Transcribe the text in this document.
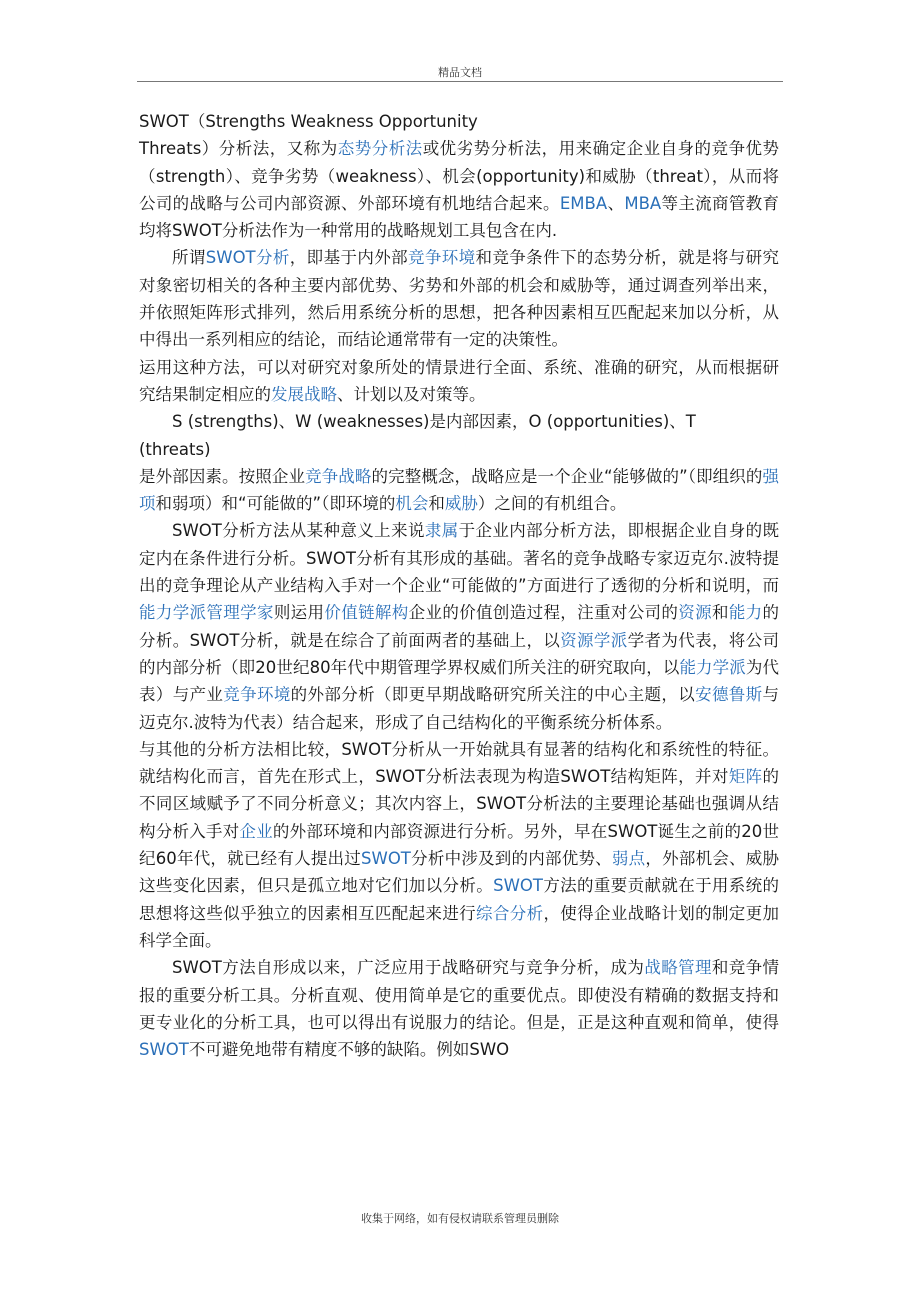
精品文档

SWOT（Strengths Weakness Opportunity
Threats）分析法，又称为态势分析法或优劣势分析法，用来确定企业自身的竞争优势（strength）、竞争劣势（weakness）、机会(opportunity)和威胁（threat），从而将公司的战略与公司内部资源、外部环境有机地结合起来。EMBA、MBA等主流商管教育均将SWOT分析法作为一种常用的战略规划工具包含在内.

所谓SWOT分析，即基于内外部竞争环境和竞争条件下的态势分析，就是将与研究对象密切相关的各种主要内部优势、劣势和外部的机会和威胁等，通过调查列举出来，并依照矩阵形式排列，然后用系统分析的思想，把各种因素相互匹配起来加以分析，从中得出一系列相应的结论，而结论通常带有一定的决策性。

运用这种方法，可以对研究对象所处的情景进行全面、系统、准确的研究，从而根据研究结果制定相应的发展战略、计划以及对策等。

S (strengths)、W (weaknesses)是内部因素，O (opportunities)、T
(threats)
是外部因素。按照企业竞争战略的完整概念，战略应是一个企业“能够做的”（即组织的强项和弱项）和“可能做的”（即环境的机会和威胁）之间的有机组合。

SWOT分析方法从某种意义上来说隶属于企业内部分析方法，即根据企业自身的既定内在条件进行分析。SWOT分析有其形成的基础。著名的竞争战略专家迈克尔.波特提出的竞争理论从产业结构入手对一个企业“可能做的”方面进行了透彻的分析和说明，而能力学派管理学家则运用价值链解构企业的价值创造过程，注重对公司的资源和能力的分析。SWOT分析，就是在综合了前面两者的基础上，以资源学派学者为代表，将公司的内部分析（即20世纪80年代中期管理学界权威们所关注的研究取向，以能力学派为代表）与产业竞争环境的外部分析（即更早期战略研究所关注的中心主题，以安德鲁斯与迈克尔.波特为代表）结合起来，形成了自己结构化的平衡系统分析体系。

与其他的分析方法相比较，SWOT分析从一开始就具有显著的结构化和系统性的特征。就结构化而言，首先在形式上，SWOT分析法表现为构造SWOT结构矩阵，并对矩阵的不同区域赋予了不同分析意义；其次内容上，SWOT分析法的主要理论基础也强调从结构分析入手对企业的外部环境和内部资源进行分析。另外，早在SWOT诞生之前的20世纪60年代，就已经有人提出过SWOT分析中涉及到的内部优势、弱点，外部机会、威胁这些变化因素，但只是孤立地对它们加以分析。SWOT方法的重要贡献就在于用系统的思想将这些似乎独立的因素相互匹配起来进行综合分析，使得企业战略计划的制定更加科学全面。

SWOT方法自形成以来，广泛应用于战略研究与竞争分析，成为战略管理和竞争情报的重要分析工具。分析直观、使用简单是它的重要优点。即使没有精确的数据支持和更专业化的分析工具，也可以得出有说服力的结论。但是，正是这种直观和简单，使得SWOT不可避免地带有精度不够的缺陷。例如SWO

收集于网络，如有侵权请联系管理员删除
